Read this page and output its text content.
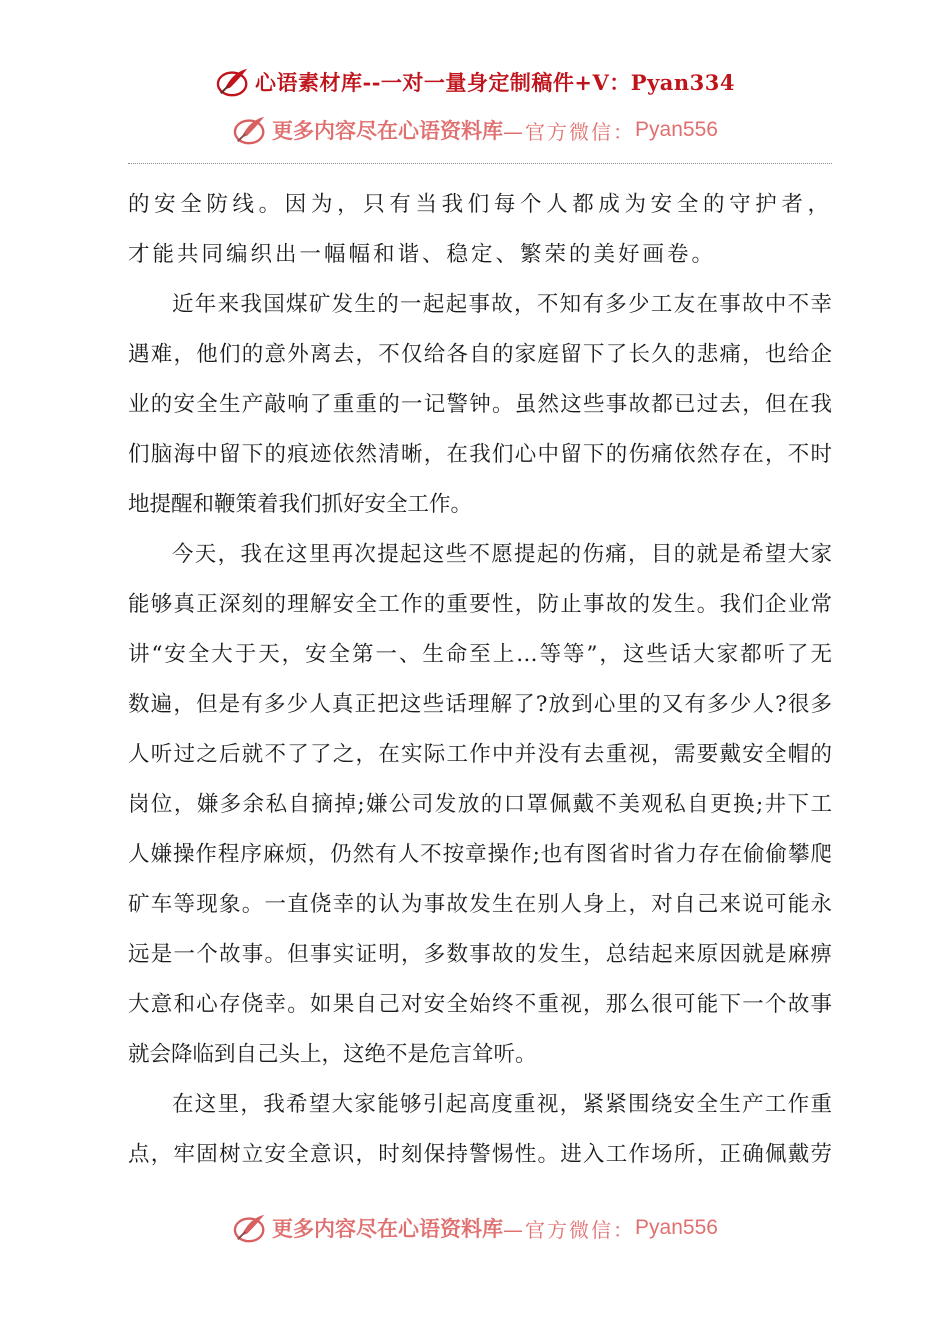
心语素材库--一对一量身定制稿件+V：Pyan334
更多内容尽在心语资料库 —官方微信： Pyan556
的安全防线。因为，只有当我们每个人都成为安全的守护者，
才能共同编织出一幅幅和谐、稳定、繁荣的美好画卷。
近年来我国煤矿发生的一起起事故，不知有多少工友在事故中不幸
遇难，他们的意外离去，不仅给各自的家庭留下了长久的悲痛，也给企
业的安全生产敲响了重重的一记警钟。虽然这些事故都已过去，但在我
们脑海中留下的痕迹依然清晰，在我们心中留下的伤痛依然存在，不时
地提醒和鞭策着我们抓好安全工作。
今天，我在这里再次提起这些不愿提起的伤痛，目的就是希望大家
能够真正深刻的理解安全工作的重要性，防止事故的发生。我们企业常
讲“安全大于天，安全第一、生命至上…等等”，这些话大家都听了无
数遍，但是有多少人真正把这些话理解了?放到心里的又有多少人?很多
人听过之后就不了了之，在实际工作中并没有去重视，需要戴安全帽的
岗位，嫌多余私自摘掉;嫌公司发放的口罩佩戴不美观私自更换;井下工
人嫌操作程序麻烦，仍然有人不按章操作;也有图省时省力存在偷偷攀爬
矿车等现象。一直侥幸的认为事故发生在别人身上，对自己来说可能永
远是一个故事。但事实证明，多数事故的发生，总结起来原因就是麻痹
大意和心存侥幸。如果自己对安全始终不重视，那么很可能下一个故事
就会降临到自己头上，这绝不是危言耸听。
在这里，我希望大家能够引起高度重视，紧紧围绕安全生产工作重
点，牢固树立安全意识，时刻保持警惕性。进入工作场所，正确佩戴劳
更多内容尽在心语资料库 —官方微信： Pyan556
